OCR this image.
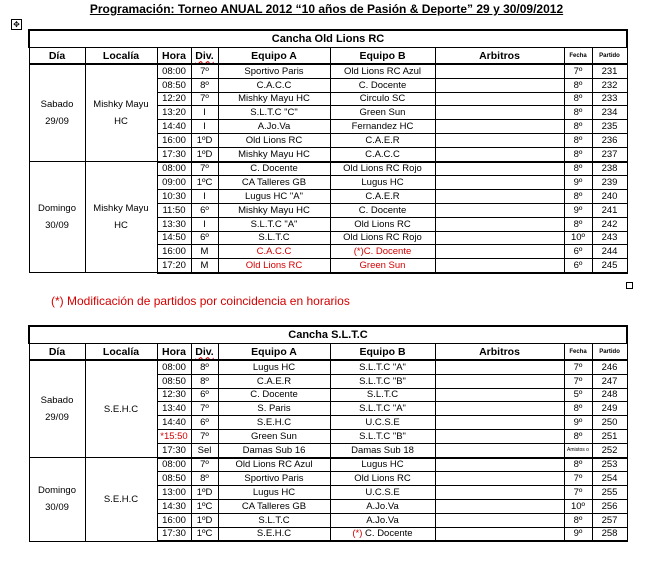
Programación: Torneo ANUAL 2012 “10 años de Pasión & Deporte” 29 y 30/09/2012
✥
Cancha Old Lions RC								
Día	Localía	Hora	Div.	Equipo A	Equipo B	Arbitros	Fecha	Partido
Sabado
29/09	Mishky Mayu HC	08:00	7º	Sportivo Paris	Old Lions RC Azul		7º	231
		08:50	8º	C.A.C.C	C. Docente		8º	232
		12:20	7º	Mishky Mayu HC	Circulo SC		8º	233
		13:20	I	S.L.T.C "C"	Green Sun		8º	234
		14:40	I	A.Jo.Va	Fernandez HC		8º	235
		16:00	1ºD	Old Lions RC	C.A.E.R		8º	236
		17:30	1ºD	Mishky Mayu HC	C.A.C.C		8º	237
Domingo
30/09	Mishky Mayu HC	08:00	7º	C. Docente	Old Lions RC Rojo		8º	238
		09:00	1ºC	CA Talleres GB	Lugus HC		9º	239
		10:30	I	Lugus HC "A"	C.A.E.R		8º	240
		11:50	6º	Mishky Mayu HC	C. Docente		9º	241
		13:30	I	S.L.T.C "A"	Old Lions RC		8º	242
		14:50	6º	S.L.T.C	Old Lions RC Rojo		10º	243
		16:00	M	C.A.C.C	(*)C. Docente		6º	244
		17:20	M	Old Lions RC	Green Sun		6º	245
(*) Modificación de partidos por coincidencia en horarios
Cancha S.L.T.C								
Día	Localía	Hora	Div.	Equipo A	Equipo B	Arbitros	Fecha	Partido
Sabado
29/09	S.E.H.C	08:00	8º	Lugus HC	S.L.T.C "A"		7º	246
		08:50	8º	C.A.E.R	S.L.T.C "B"		7º	247
		12:30	6º	C. Docente	S.L.T.C		5º	248
		13:40	7º	S. Paris	S.L.T.C "A"		8º	249
		14:40	6º	S.E.H.C	U.C.S.E		9º	250
		*15:50	7º	Green Sun	S.L.T.C "B"		8º	251
		17:30	Sel	Damas Sub 16	Damas Sub 18		Amistos o	252
Domingo
30/09	S.E.H.C	08:00	7º	Old Lions RC Azul	Lugus HC		8º	253
		08:50	8º	Sportivo Paris	Old Lions RC		7º	254
		13:00	1ºD	Lugus HC	U.C.S.E		7º	255
		14:30	1ºC	CA Talleres GB	A.Jo.Va		10º	256
		16:00	1ºD	S.L.T.C	A.Jo.Va		8º	257
		17:30	1ºC	S.E.H.C	(*) C. Docente		9º	258
